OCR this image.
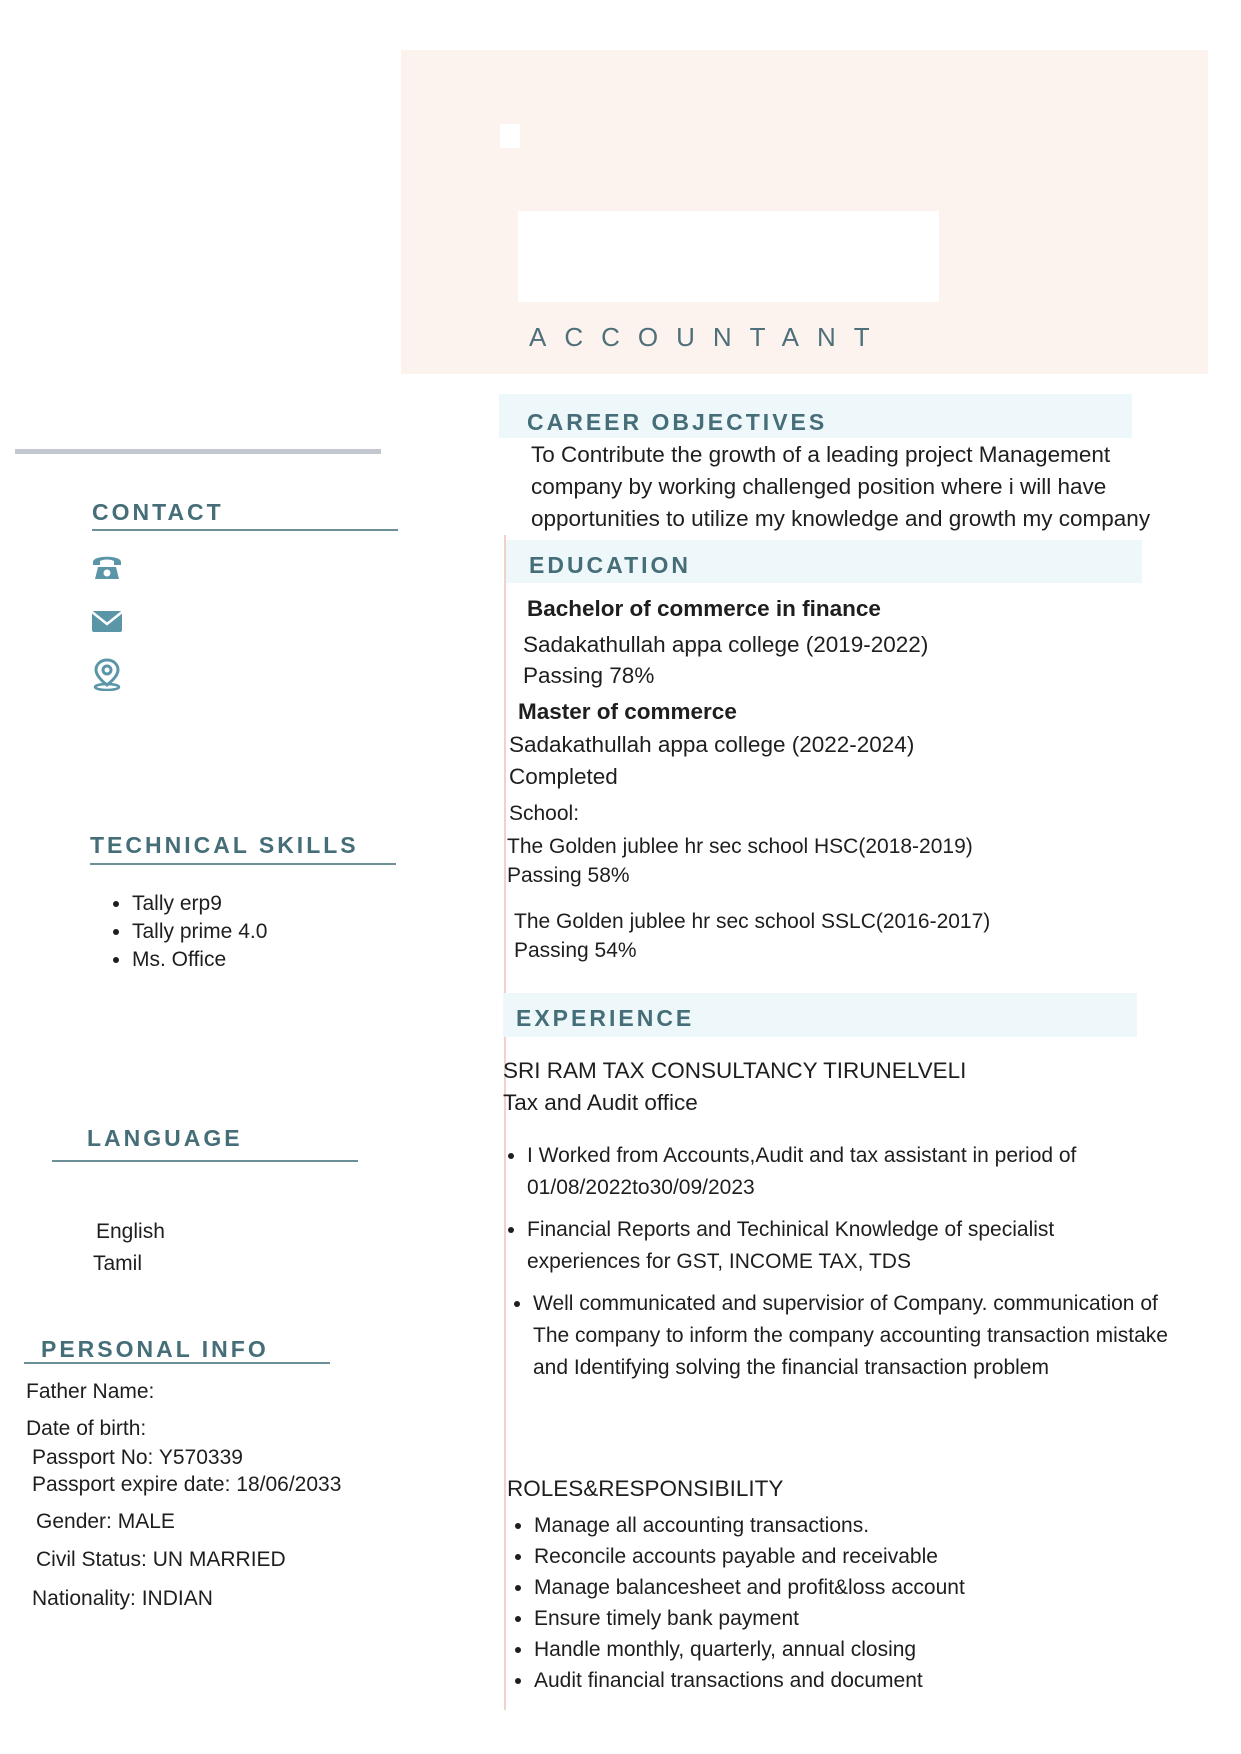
ACCOUNTANT
CONTACT
TECHNICAL SKILLS
• Tally erp9
• Tally prime 4.0
• Ms. Office
LANGUAGE
English
Tamil
PERSONAL INFO
Father Name:
Date of birth:
Passport No: Y570339
Passport expire date: 18/06/2033
Gender: MALE
Civil Status: UN MARRIED
Nationality: INDIAN
CAREER OBJECTIVES
To Contribute the growth of a leading project Management
company by working challenged position where i will have
opportunities to utilize my knowledge and growth my company
EDUCATION
Bachelor of commerce in finance
Sadakathullah appa college (2019-2022)
Passing 78%
Master of commerce
Sadakathullah appa college (2022-2024)
Completed
School:
The Golden jublee hr sec school HSC(2018-2019)
Passing 58%
The Golden jublee hr sec school SSLC(2016-2017)
Passing 54%
EXPERIENCE
SRI RAM TAX CONSULTANCY TIRUNELVELI
Tax and Audit office
• I Worked from Accounts,Audit and tax assistant in period of 01/08/2022to30/09/2023
• Financial Reports and Techinical Knowledge of specialist experiences for GST, INCOME TAX, TDS
• Well communicated and supervisior of Company. communication of The company to inform the company accounting transaction mistake and Identifying solving the financial transaction problem
ROLES&RESPONSIBILITY
• Manage all accounting transactions.
• Reconcile accounts payable and receivable
• Manage balancesheet and profit&loss account
• Ensure timely bank payment
• Handle monthly, quarterly, annual closing
• Audit financial transactions and document
